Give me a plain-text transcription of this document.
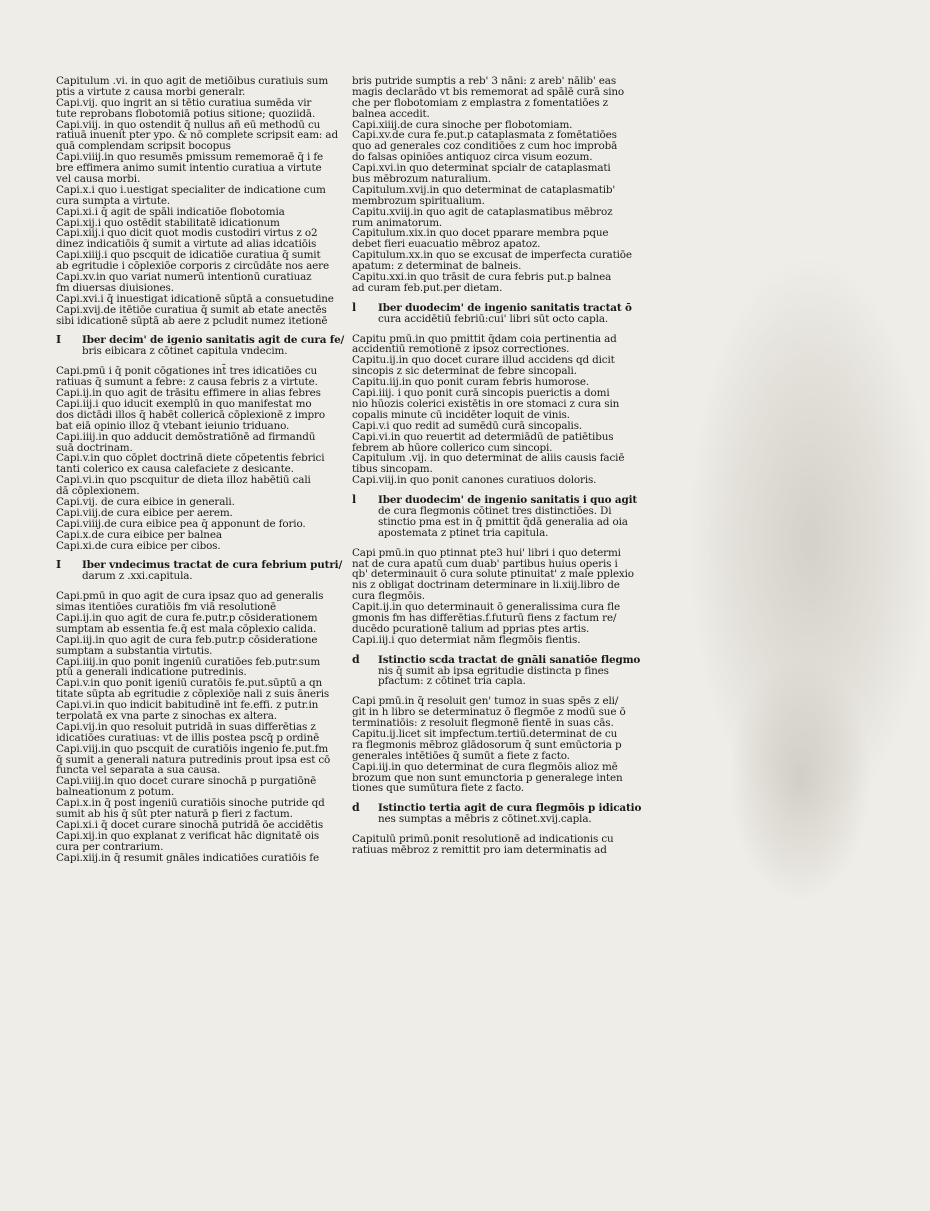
Capitulum .vi. in quo agit de metiōibus curatiuis sum
ptis a virtute z causa morbi generalr.
Capi.vij. quo ingrit an si tētio curatiua sumēda vir
tute reprobans flobotomiā potius sitione; quoziidā.
Capi.viij. in quo ostendit q̄ nullus añ eū methodū cu
ratiuā inuenit pter ypo. & nō complete scripsit eam: ad
quā complendam scripsit bocopus
Capi.viiij.in quo resumēs pmissum rememoraē q̄ i fe
bre effimera animo sumit intentio curatiua a virtute
vel causa morbi.
Capi.x.i quo i.uestigat specialiter de indicatione cum
cura sumpta a virtute.
Capi.xi.i q̄ agit de spāli indicatiōe flobotomia
Capi.xij.i quo ostēdit stabilitatē idicationum
Capi.xiij.i quo dicit quot modis custodiri virtus z o2
dinez indicatiōis q̄ sumit a virtute ad alias idcatiōis
Capi.xiiij.i quo pscquit de idicatiōe curatiua q̄ sumit
ab egritudie i cōplexiōe corporis z circūdāte nos aere
Capi.xv.in quo variat numerū intentionū curatiuaz
fm diuersas diuisiones.
Capi.xvi.i q̄ inuestigat idicationē sūptā a consuetudine
Capi.xvij.de itētiōe curatiua q̄ sumit ab etate anectēs
sibi idicationē sūptā ab aere z pcludit numez itetionē
I	Iber decim' de igenio sanitatis agit de cura fe/
bris eibicara z cōtinet capitula vndecim.
Capi.pmū i q̄ ponit cōgationes int̄ tres idicatiōes cu
ratiuas q̄ sumunt a febre: z causa febris z a virtute.
Capi.ij.in quo agit de trāsitu effimere in alias febres
Capi.iij.i quo iducit exemplū in quo manifestat mo
dos dictādi illos q̄ habēt collericā cōplexionē z impro
bat eiā opinio illoz q̄ vtebant ieiunio triduano.
Capi.iiij.in quo adducit demōstratiōnē ad firmandū
suā doctrinam.
Capi.v.in quo cōplet doctrinā diete cōpetentis febrici
tanti colerico ex causa calefaciete z desicante.
Capi.vi.in quo pscquitur de dieta illoz habētiū cali
dā cōplexionem.
Capi.vij. de cura eibice in generali.
Capi.viij.de cura eibice per aerem.
Capi.viiij.de cura eibice pea q̄ apponunt de forio.
Capi.x.de cura eibice per balnea
Capi.xi.de cura eibice per cibos.
I	Iber vndecimus tractat de cura febrium putri/
darum z .xxi.capitula.
Capi.pmū in quo agit de cura ipsaz quo ad generalis
simas itentiōes curatiōis fm viā resolutionē
Capi.ij.in quo agit de cura fe.putr.p cōsiderationem
sumptam ab essentia fe.q̄ est mala cōplexio calida.
Capi.iij.in quo agit de cura feb.putr.p cōsideratione
sumptam a substantia virtutis.
Capi.iiij.in quo ponit ingeniū curatiōes feb.putr.sum
ptū a generali indicatione putredinis.
Capi.v.in quo ponit igeniū curatōis fe.put.sūptū a qn
titate sūpta ab egritudie z cōplexiōe nali z suis āneris
Capi.vi.in quo indicit babitudinē int̄ fe.effi. z putr.in
terpolatā ex vna parte z sinochas ex altera.
Capi.vij.in quo resoluit putridā in suas differētias z
idicatiōes curatiuas: vt de illis postea pscq̄ p ordinē
Capi.viij.in quo pscquit de curatiōis ingenio fe.put.fm
q̄ sumit a generali natura putredinis prout ipsa est cō
functa vel separata a sua causa.
Capi.viiij.in quo docet curare sinochā p purgatiōnē
balneationum z potum.
Capi.x.in q̄ post ingeniū curatiōis sinoche putride qd
sumit ab his q̄ sūt pter naturā p fieri z factum.
Capi.xi.i q̄ docet curare sinochā putridā ōe accidētis
Capi.xij.in quo explanat z verificat hāc dignitatē ois
cura per contrarium.
Capi.xiij.in q̄ resumit gnāles indicatiōes curatiōis fe
bris putride sumptis a reb' 3 nāni: z areb' nālib' eas
magis declarādo vt bis rememorat ad spālē curā sino
che per flobotomiam z emplastra z fomentatiōes z
balnea accedit.
Capi.xiiij.de cura sinoche per flobotomiam.
Capi.xv.de cura fe.put.p cataplasmata z fomētatiōes
quo ad generales coz conditiōes z cum hoc improbā
do falsas opiniōes antiquoz circa visum eozum.
Capi.xvi.in quo determinat spcialr de cataplasmati
bus mēbrozum naturalium.
Capitulum.xvij.in quo determinat de cataplasmatib'
membrozum spiritualium.
Capitu.xviij.in quo agit de cataplasmatibus mēbroz
rum animatorum.
Capitulum.xix.in quo docet pparare membra pque
debet fieri euacuatio mēbroz apatoz.
Capitulum.xx.in quo se excusat de imperfecta curatiōe
apatum: z determinat de balneis.
Capitu.xxi.in quo trāsit de cura febris put.p balnea
ad curam feb.put.per dietam.
l	Iber duodecim' de ingenio sanitatis tractat ō
cura accidētiū febriū:cui' libri sūt octo capla.
Capitu pmū.in quo pmittit q̄dam coia pertinentia ad
accidentiū remotionē z ipsoz correctiones.
Capitu.ij.in quo docet curare illud accidens qd dicit
sincopis z sic determinat de febre sincopali.
Capitu.iij.in quo ponit curam febris humorose.
Capi.iiij. i quo ponit curā sincopis puerictis a domi
nio hūozis colerici existētis in ore stomaci z cura sin
copalis minute cū incidēter loquit de vinis.
Capi.v.i quo redit ad sumēdū curā sincopalis.
Capi.vi.in quo reuertit ad determiādū de patiētibus
febrem ab hūore collerico cum sincopi.
Capitulum .vij. in quo determinat de aliis causis faciē
tibus sincopam.
Capi.viij.in quo ponit canones curatiuos doloris.
l	Iber duodecim' de ingenio sanitatis i quo agit
de cura flegmonis cōtinet tres distinctiōes. Di
stinctio pma est in q̄ pmittit q̄dā generalia ad oia
apostemata z ptinet tria capitula.
Capi pmū.in quo ptinnat pte3 hui' libri i quo determi
nat de cura apatū cum duab' partibus huius operis i
qb' determinauit ō cura solute ptinuitat' z male pplexio
nis z obligat doctrinam determinare in li.xiij.libro de
cura flegmōis.
Capit.ij.in quo determinauit ō generalissima cura fle
gmonis fm has differētias.f.futurū fiens z factum re/
ducēdo pcurationē talium ad pprias ptes artis.
Capi.iij.i quo determiat nām flegmōis fientis.
d	Istinctio scda tractat de gnāli sanatiōe flegmo
nis q̄ sumit ab ipsa egritudie distincta p fines
pfactum: z cōtinet tria capla.
Capi pmū.in q̄ resoluit gen' tumoz in suas spēs z eli/
git in h libro se determinatuz ō flegmōe z modū sue ō
terminatiōis: z resoluit flegmonē fientē in suas cās.
Capitu.ij.licet sit impfectum.tertiū.determinat de cu
ra flegmonis mēbroz glādosorum q̄ sunt emūctoria p
generales intētiōes q̄ sumūt a fiete z facto.
Capi.iij.in quo determinat de cura flegmōis alioz mē
brozum que non sunt emunctoria p generalege inten
tiones que sumūtura fiete z facto.
d	Istinctio tertia agit de cura flegmōis p idicatio
nes sumptas a mēbris z cōtinet.xvij.capla.
Capitulū primū.ponit resolutionē ad indicationis cu
ratiuas mēbroz z remittit pro iam determinatis ad
